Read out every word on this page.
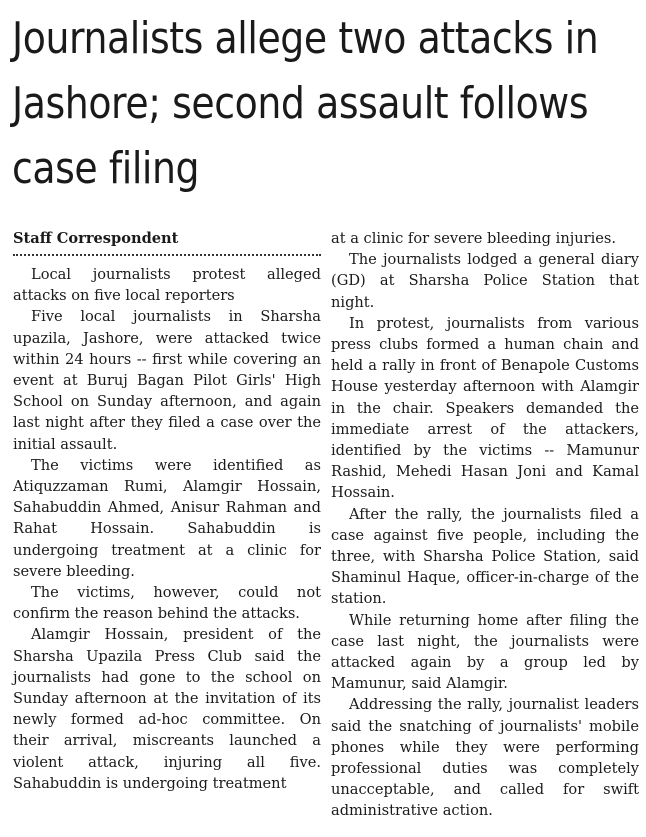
Journalists allege two attacks in Jashore; second assault follows case filing
Staff Correspondent

Local journalists protest alleged attacks on five local reporters

Five local journalists in Sharsha upazila, Jashore, were attacked twice within 24 hours -- first while covering an event at Buruj Bagan Pilot Girls' High School on Sunday afternoon, and again last night after they filed a case over the initial assault.

The victims were identified as Atiquzzaman Rumi, Alamgir Hossain, Sahabuddin Ahmed, Anisur Rahman and Rahat Hossain. Sahabuddin is undergoing treatment at a clinic for severe bleeding.

The victims, however, could not confirm the reason behind the attacks.

Alamgir Hossain, president of the Sharsha Upazila Press Club said the journalists had gone to the school on Sunday afternoon at the invitation of its newly formed ad-hoc committee. On their arrival, miscreants launched a violent attack, injuring all five. Sahabuddin is undergoing treatment

at a clinic for severe bleeding injuries.

The journalists lodged a general diary (GD) at Sharsha Police Station that night.

In protest, journalists from various press clubs formed a human chain and held a rally in front of Benapole Customs House yesterday afternoon with Alamgir in the chair. Speakers demanded the immediate arrest of the attackers, identified by the victims -- Mamunur Rashid, Mehedi Hasan Joni and Kamal Hossain.

After the rally, the journalists filed a case against five people, including the three, with Sharsha Police Station, said Shaminul Haque, officer-in-charge of the station.

While returning home after filing the case last night, the journalists were attacked again by a group led by Mamunur, said Alamgir.

Addressing the rally, journalist leaders said the snatching of journalists' mobile phones while they were performing professional duties was completely unacceptable, and called for swift administrative action.
